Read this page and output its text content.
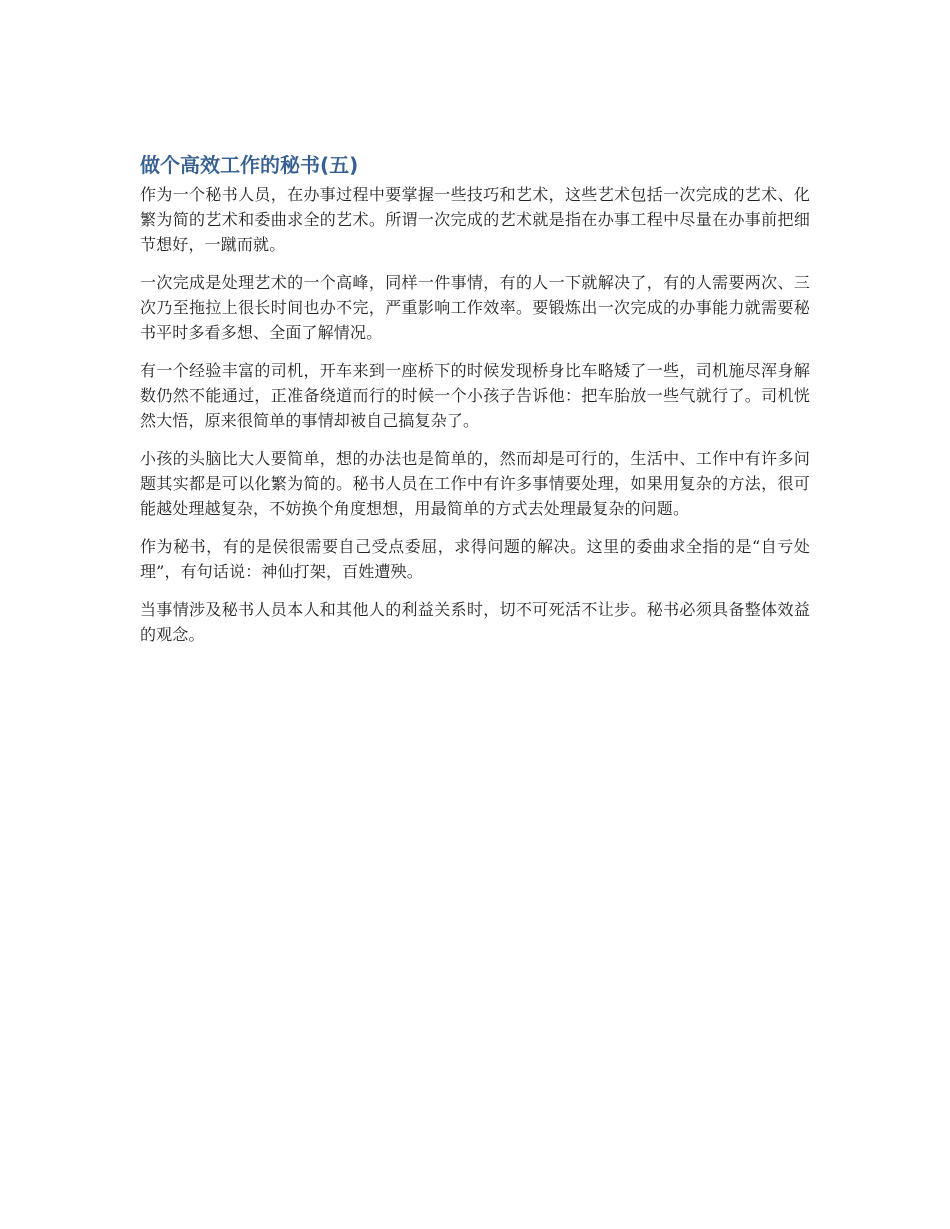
做个高效工作的秘书(五)

作为一个秘书人员，在办事过程中要掌握一些技巧和艺术，这些艺术包括一次完成的艺术、化繁为简的艺术和委曲求全的艺术。所谓一次完成的艺术就是指在办事工程中尽量在办事前把细节想好，一蹴而就。

一次完成是处理艺术的一个高峰，同样一件事情，有的人一下就解决了，有的人需要两次、三次乃至拖拉上很长时间也办不完，严重影响工作效率。要锻炼出一次完成的办事能力就需要秘书平时多看多想、全面了解情况。

有一个经验丰富的司机，开车来到一座桥下的时候发现桥身比车略矮了一些，司机施尽浑身解数仍然不能通过，正准备绕道而行的时候一个小孩子告诉他：把车胎放一些气就行了。司机恍然大悟，原来很简单的事情却被自己搞复杂了。

小孩的头脑比大人要简单，想的办法也是简单的，然而却是可行的，生活中、工作中有许多问题其实都是可以化繁为简的。秘书人员在工作中有许多事情要处理，如果用复杂的方法，很可能越处理越复杂，不妨换个角度想想，用最简单的方式去处理最复杂的问题。

作为秘书，有的是侯很需要自己受点委屈，求得问题的解决。这里的委曲求全指的是“自亏处理”，有句话说：神仙打架，百姓遭殃。

当事情涉及秘书人员本人和其他人的利益关系时，切不可死活不让步。秘书必须具备整体效益的观念。
